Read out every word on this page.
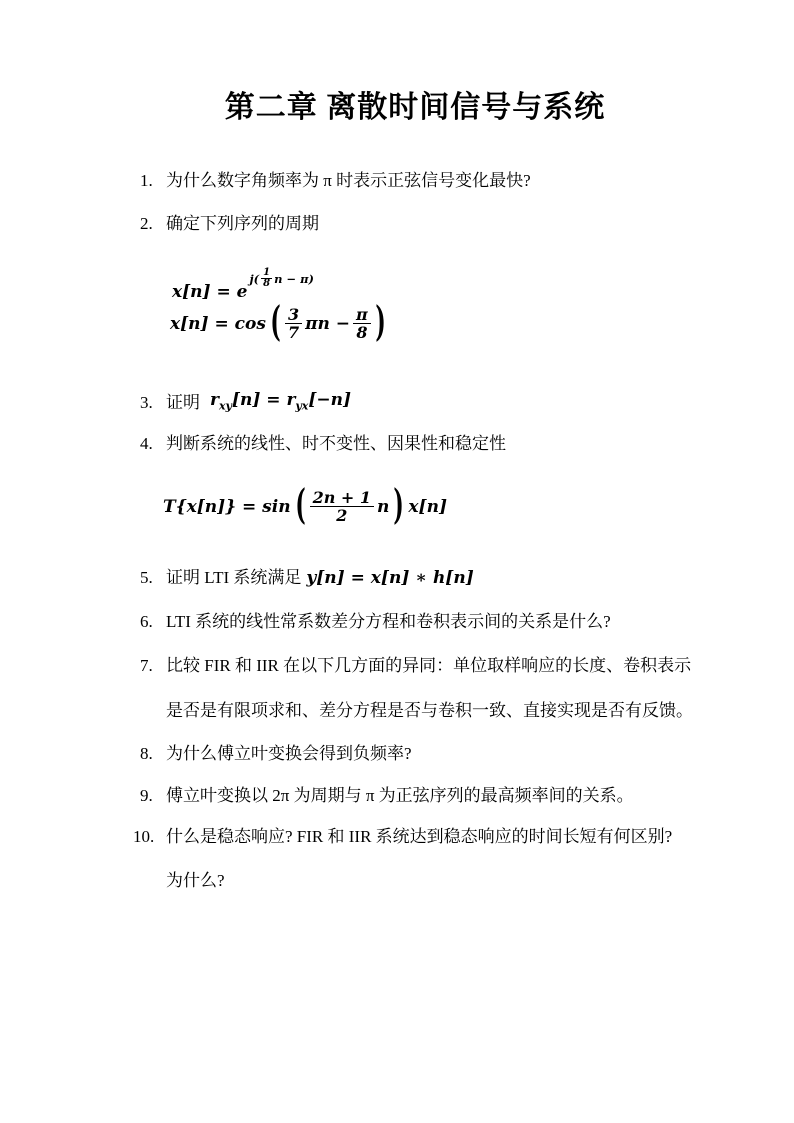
第二章 离散时间信号与系统
1. 为什么数字角频率为 π 时表示正弦信号变化最快?
2. 确定下列序列的周期
x[n] = e
$j( \frac{1}{8}$ n − π)
x[n] = cos ( $\frac{3}{7}$ $\pi n - \frac{\pi}{8}$ )
3. 证明 $r_{xy}[n] = r_{yx}[-n]$
4. 判断系统的线性、时不变性、因果性和稳定性
T{x[n]} = sin ( $\frac{2n + 1}{2}$ n ) x[n]
5. 证明 LTI 系统满足 y[n] = x[n] ∗ h[n]
6. LTI 系统的线性常系数差分方程和卷积表示间的关系是什么?
7. 比较 FIR 和 IIR 在以下几方面的异同：单位取样响应的长度、卷积表示
是否是有限项求和、差分方程是否与卷积一致、直接实现是否有反馈。
8. 为什么傅立叶变换会得到负频率?
9. 傅立叶变换以 2π 为周期与 π 为正弦序列的最高频率间的关系。
10. 什么是稳态响应? FIR 和 IIR 系统达到稳态响应的时间长短有何区别?
为什么?
